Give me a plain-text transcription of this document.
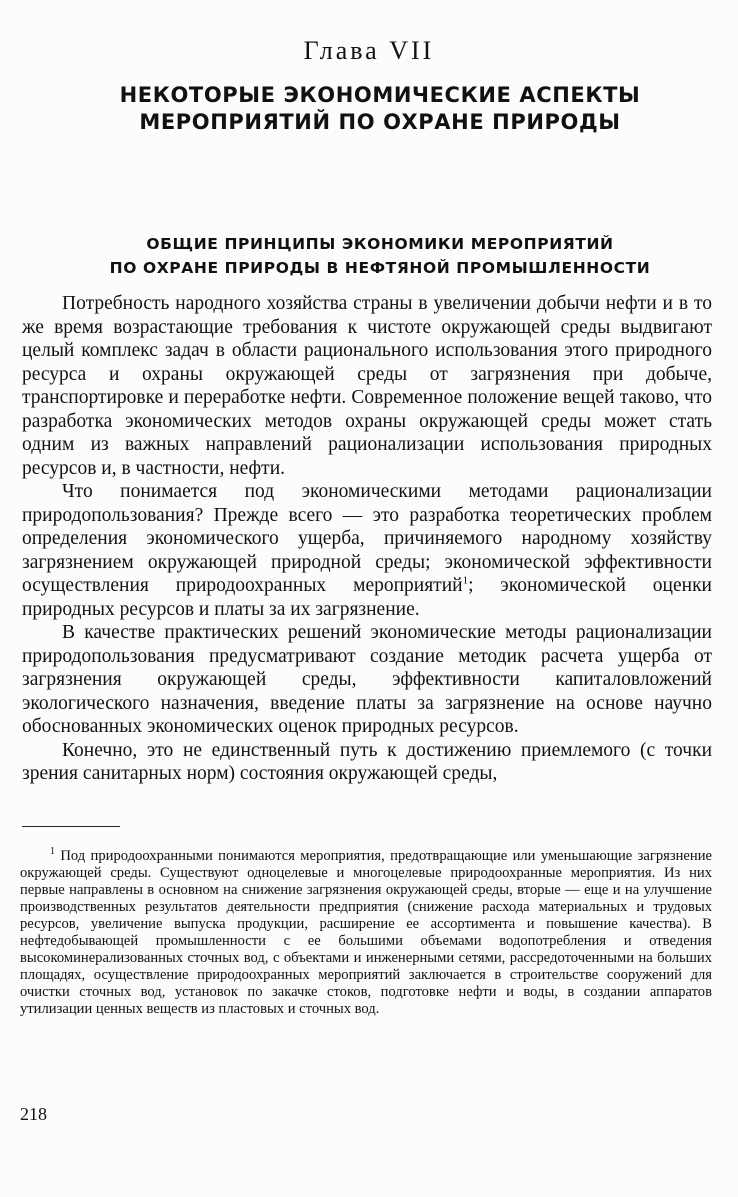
Глава VII
НЕКОТОРЫЕ ЭКОНОМИЧЕСКИЕ АСПЕКТЫ
МЕРОПРИЯТИЙ ПО ОХРАНЕ ПРИРОДЫ
ОБЩИЕ ПРИНЦИПЫ ЭКОНОМИКИ МЕРОПРИЯТИЙ
ПО ОХРАНЕ ПРИРОДЫ В НЕФТЯНОЙ ПРОМЫШЛЕННОСТИ

Потребность народного хозяйства страны в увеличении добычи нефти и в то же время возрастающие требования к чистоте окружающей среды выдвигают целый комплекс задач в области рационального использования этого природного ресурса и охраны окружающей среды от загрязнения при добыче, транспортировке и переработке нефти. Современное положение вещей таково, что разработка экономических методов охраны окружающей среды может стать одним из важных направлений рационализации использования природных ресурсов и, в частности, нефти.

Что понимается под экономическими методами рационализации природопользования? Прежде всего — это разработка теоретических проблем определения экономического ущерба, причиняемого народному хозяйству загрязнением окружающей природной среды; экономической эффективности осуществления природоохранных мероприятий$^1$; экономической оценки природных ресурсов и платы за их загрязнение.

В качестве практических решений экономические методы рационализации природопользования предусматривают создание методик расчета ущерба от загрязнения окружающей среды, эффективности капиталовложений экологического назначения, введение платы за загрязнение на основе научно обоснованных экономических оценок природных ресурсов.

Конечно, это не единственный путь к достижению приемлемого (с точки зрения санитарных норм) состояния окружающей среды,

$^1$ Под природоохранными понимаются мероприятия, предотвращающие или уменьшающие загрязнение окружающей среды. Существуют одноцелевые и многоцелевые природоохранные мероприятия. Из них первые направлены в основном на снижение загрязнения окружающей среды, вторые — еще и на улучшение производственных результатов деятельности предприятия (снижение расхода материальных и трудовых ресурсов, увеличение выпуска продукции, расширение ее ассортимента и повышение качества). В нефтедобывающей промышленности с ее большими объемами водопотребления и отведения высокоминерализованных сточных вод, с объектами и инженерными сетями, рассредоточенными на больших площадях, осуществление природоохранных мероприятий заключается в строительстве сооружений для очистки сточных вод, установок по закачке стоков, подготовке нефти и воды, в создании аппаратов утилизации ценных веществ из пластовых и сточных вод.

218
